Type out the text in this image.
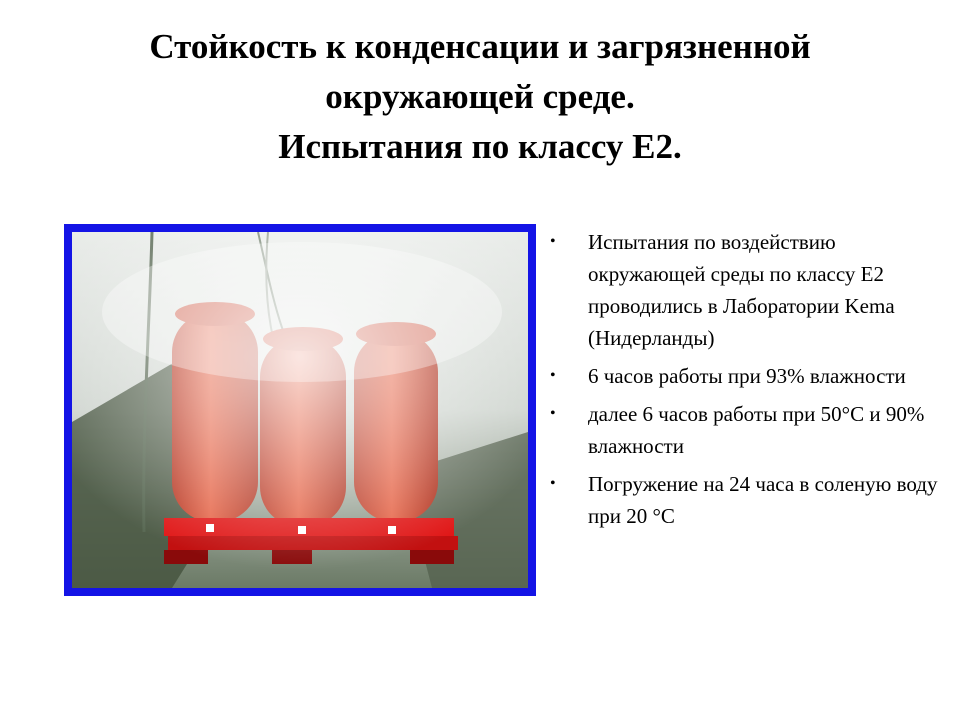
Стойкость к конденсации и загрязненной
окружающей среде.
Испытания по классу Е2.
• Испытания по воздействию окружающей среды по классу Е2 проводились в Лаборатории Kema (Нидерланды)
• 6 часов работы при 93% влажности
• далее 6 часов работы при 50°C и 90% влажности
• Погружение на 24 часа в соленую воду при 20 °C
